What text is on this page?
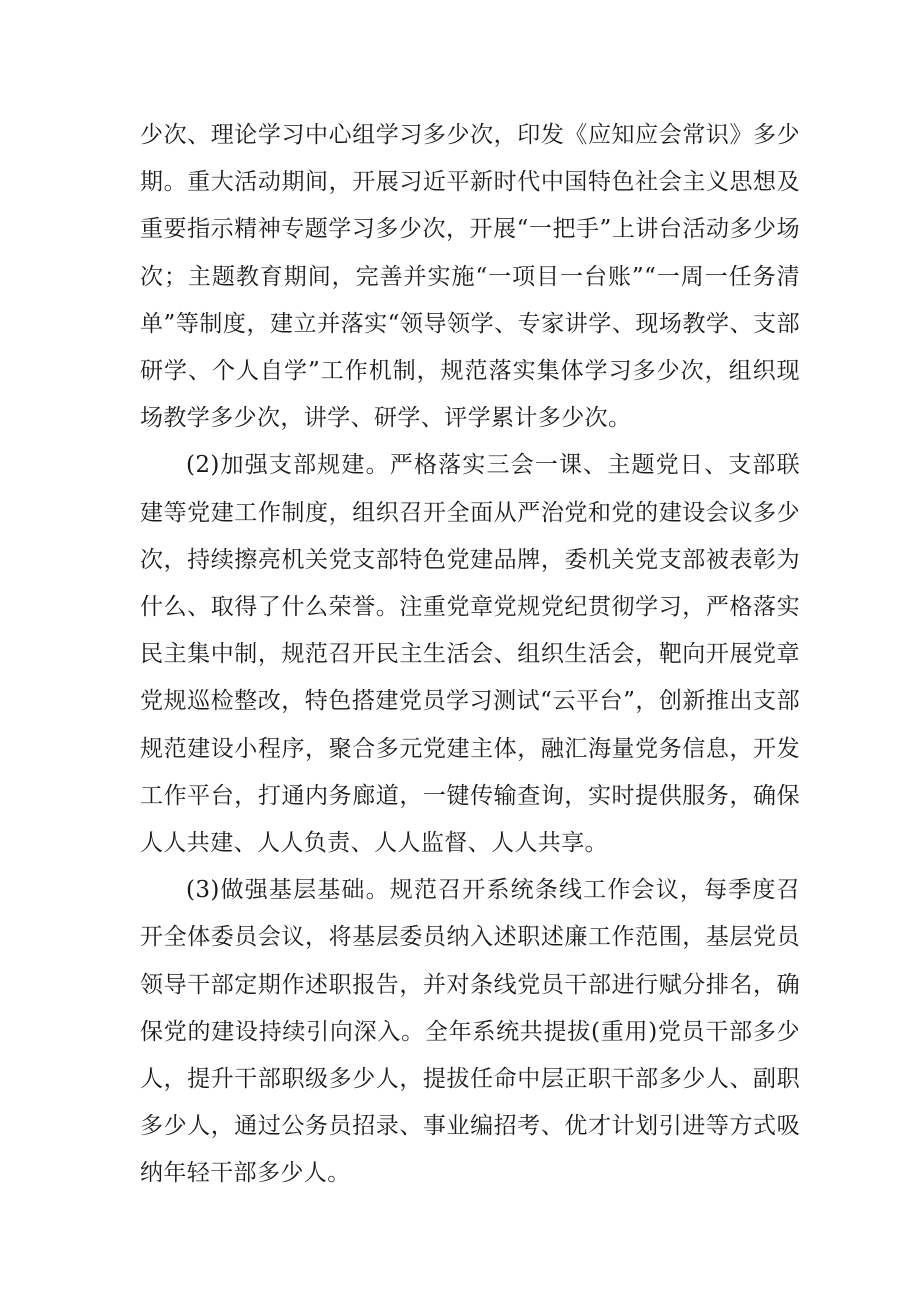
少次、理论学习中心组学习多少次，印发《应知应会常识》多少期。重大活动期间，开展习近平新时代中国特色社会主义思想及重要指示精神专题学习多少次，开展“一把手”上讲台活动多少场次；主题教育期间，完善并实施“一项目一台账”“一周一任务清单”等制度，建立并落实“领导领学、专家讲学、现场教学、支部研学、个人自学”工作机制，规范落实集体学习多少次，组织现场教学多少次，讲学、研学、评学累计多少次。

(2)加强支部规建。严格落实三会一课、主题党日、支部联建等党建工作制度，组织召开全面从严治党和党的建设会议多少次，持续擦亮机关党支部特色党建品牌，委机关党支部被表彰为什么、取得了什么荣誉。注重党章党规党纪贯彻学习，严格落实民主集中制，规范召开民主生活会、组织生活会，靶向开展党章党规巡检整改，特色搭建党员学习测试“云平台”，创新推出支部规范建设小程序，聚合多元党建主体，融汇海量党务信息，开发工作平台，打通内务廊道，一键传输查询，实时提供服务，确保人人共建、人人负责、人人监督、人人共享。

(3)做强基层基础。规范召开系统条线工作会议，每季度召开全体委员会议，将基层委员纳入述职述廉工作范围，基层党员领导干部定期作述职报告，并对条线党员干部进行赋分排名，确保党的建设持续引向深入。全年系统共提拔(重用)党员干部多少人，提升干部职级多少人，提拔任命中层正职干部多少人、副职多少人，通过公务员招录、事业编招考、优才计划引进等方式吸纳年轻干部多少人。
